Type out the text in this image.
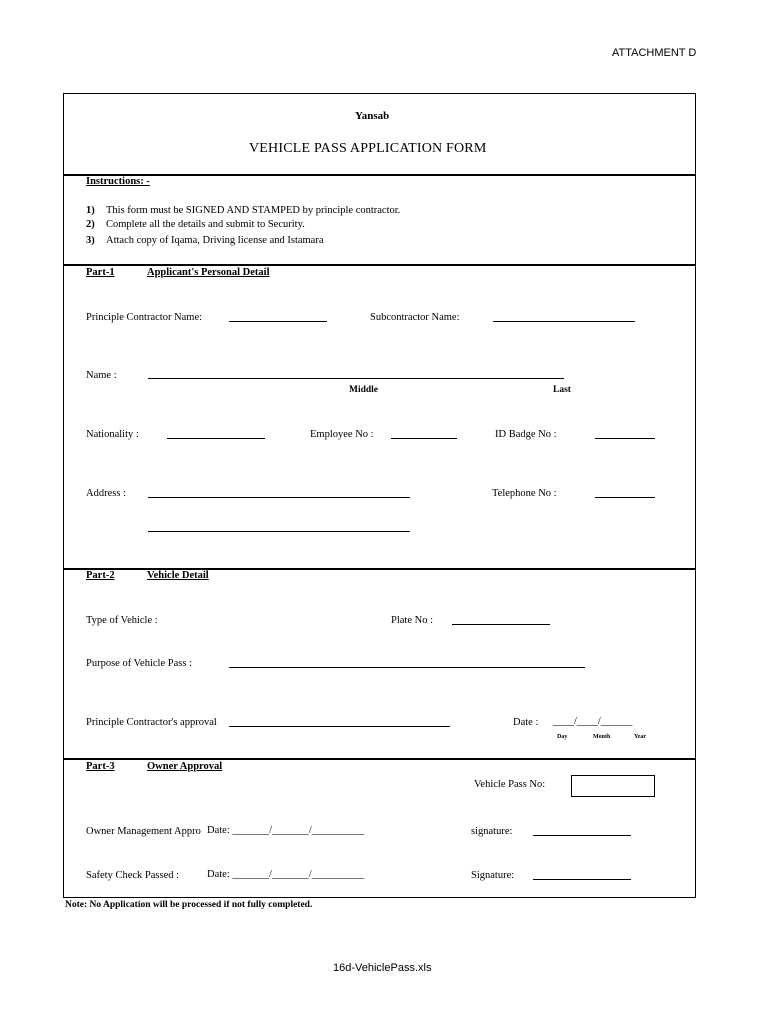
ATTACHMENT D
Yansab
VEHICLE PASS APPLICATION FORM
Instructions: -
1) This form must be SIGNED AND STAMPED by principle contractor.
2) Complete all the details and submit to Security.
3) Attach copy of Iqama, Driving license and Istamara
Part-1	Applicant's Personal Detail
Principle Contractor Name:	Subcontractor Name:
Name :
Middle	Last
Nationality :	Employee No :	ID Badge No :
Address :	Telephone No :
Part-2	Vehicle Detail
Type of Vehicle :	Plate No :
Purpose of Vehicle Pass :
Principle Contractor's approval	Date : ____/____/______
Day	Month	Year
Part-3	Owner Approval
Vehicle Pass No:
Owner Management Appro Date: _______/_______/__________	signature:
Safety Check Passed :	Date: _______/_______/__________	Signature:
Note: No Application will be processed if not fully completed.
16d-VehiclePass.xls
